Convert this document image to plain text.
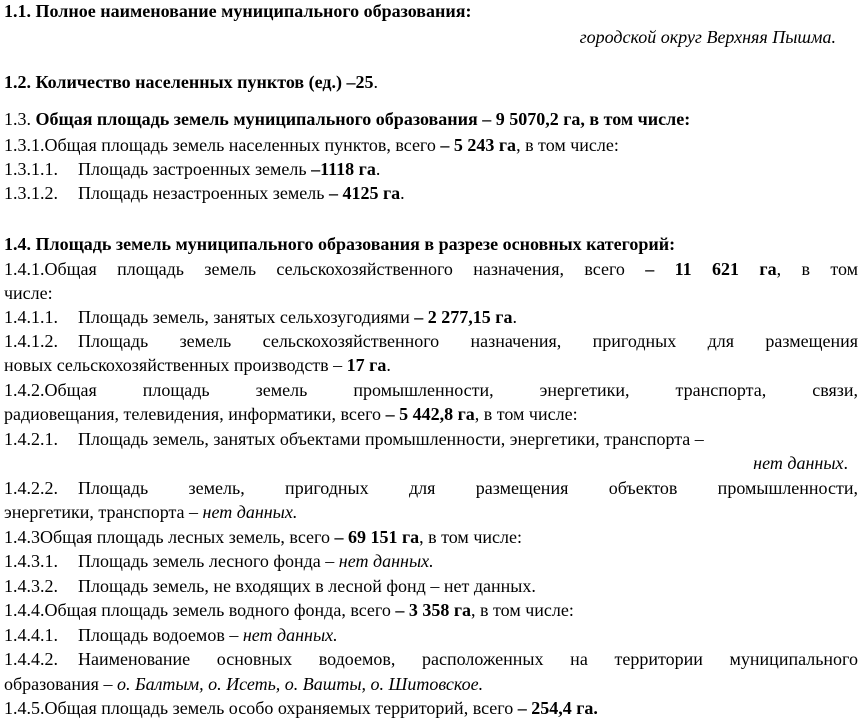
1.1. Полное наименование муниципального образования:
городской округ Верхняя Пышма.
1.2. Количество населенных пунктов (ед.) –25.
1.3. Общая площадь земель муниципального образования – 9 5070,2 га, в том числе:
1.3.1.Общая площадь земель населенных пунктов, всего – 5 243 га, в том числе:
1.3.1.1. Площадь застроенных земель –1118 га.
1.3.1.2. Площадь незастроенных земель – 4125 га.
1.4. Площадь земель муниципального образования в разрезе основных категорий:
1.4.1.Общая площадь земель сельскохозяйственного назначения, всего – 11 621 га, в том
числе:
1.4.1.1. Площадь земель, занятых сельхозугодиями – 2 277,15 га.
1.4.1.2. Площадь земель сельскохозяйственного назначения, пригодных для размещения
новых сельскохозяйственных производств – 17 га.
1.4.2.Общая площадь земель промышленности, энергетики, транспорта, связи,
радиовещания, телевидения, информатики, всего – 5 442,8 га, в том числе:
1.4.2.1. Площадь земель, занятых объектами промышленности, энергетики, транспорта –
нет данных.
1.4.2.2. Площадь земель, пригодных для размещения объектов промышленности,
энергетики, транспорта – нет данных.
1.4.3Общая площадь лесных земель, всего – 69 151 га, в том числе:
1.4.3.1. Площадь земель лесного фонда – нет данных.
1.4.3.2. Площадь земель, не входящих в лесной фонд – нет данных.
1.4.4.Общая площадь земель водного фонда, всего – 3 358 га, в том числе:
1.4.4.1. Площадь водоемов – нет данных.
1.4.4.2. Наименование основных водоемов, расположенных на территории муниципального
образования – о. Балтым, о. Исеть, о. Вашты, о. Шитовское.
1.4.5.Общая площадь земель особо охраняемых территорий, всего – 254,4 га.
